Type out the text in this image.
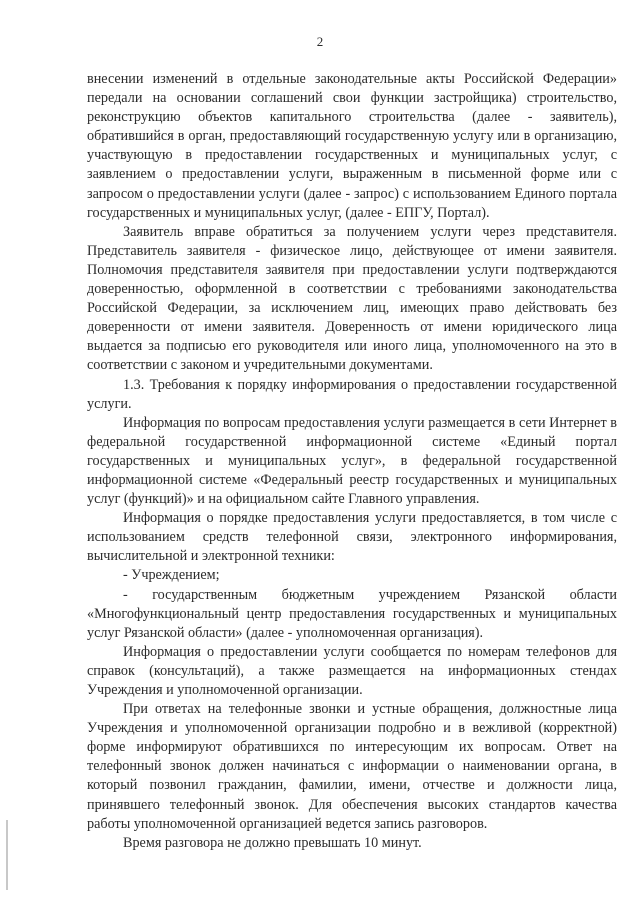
2

внесении изменений в отдельные законодательные акты Российской Федерации» передали на основании соглашений свои функции застройщика) строительство, реконструкцию объектов капитального строительства (далее - заявитель), обратившийся в орган, предоставляющий государственную услугу или в организацию, участвующую в предоставлении государственных и муниципальных услуг, с заявлением о предоставлении услуги, выраженным в письменной форме или с запросом о предоставлении услуги (далее - запрос) с использованием Единого портала государственных и муниципальных услуг, (далее - ЕПГУ, Портал).

Заявитель вправе обратиться за получением услуги через представителя. Представитель заявителя - физическое лицо, действующее от имени заявителя. Полномочия представителя заявителя при предоставлении услуги подтверждаются доверенностью, оформленной в соответствии с требованиями законодательства Российской Федерации, за исключением лиц, имеющих право действовать без доверенности от имени заявителя. Доверенность от имени юридического лица выдается за подписью его руководителя или иного лица, уполномоченного на это в соответствии с законом и учредительными документами.

1.3. Требования к порядку информирования о предоставлении государственной услуги.

Информация по вопросам предоставления услуги размещается в сети Интернет в федеральной государственной информационной системе «Единый портал государственных и муниципальных услуг», в федеральной государственной информационной системе «Федеральный реестр государственных и муниципальных услуг (функций)» и на официальном сайте Главного управления.

Информация о порядке предоставления услуги предоставляется, в том числе с использованием средств телефонной связи, электронного информирования, вычислительной и электронной техники:

- Учреждением;

- государственным бюджетным учреждением Рязанской области «Многофункциональный центр предоставления государственных и муниципальных услуг Рязанской области» (далее - уполномоченная организация).

Информация о предоставлении услуги сообщается по номерам телефонов для справок (консультаций), а также размещается на информационных стендах Учреждения и уполномоченной организации.

При ответах на телефонные звонки и устные обращения, должностные лица Учреждения и уполномоченной организации подробно и в вежливой (корректной) форме информируют обратившихся по интересующим их вопросам. Ответ на телефонный звонок должен начинаться с информации о наименовании органа, в который позвонил гражданин, фамилии, имени, отчестве и должности лица, принявшего телефонный звонок. Для обеспечения высоких стандартов качества работы уполномоченной организацией ведется запись разговоров.

Время разговора не должно превышать 10 минут.
